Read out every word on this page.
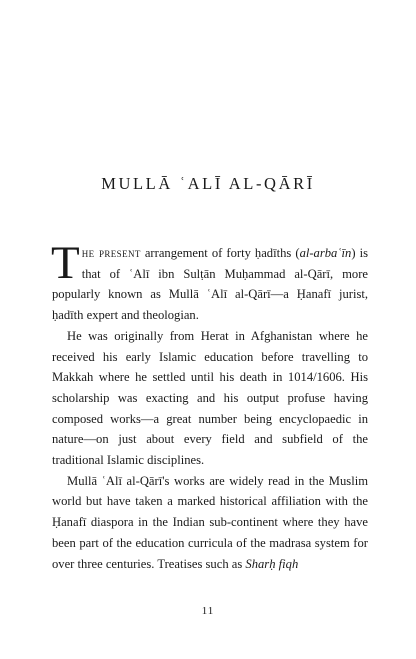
MULLĀ ʿALĪ AL-QĀRĪ

The present arrangement of forty ḥadīths (al-arbaʿīn) is that of ʿAlī ibn Sulṭān Muḥammad al-Qārī, more popularly known as Mullā ʿAlī al-Qārī—a Ḥanafī jurist, ḥadīth expert and theologian.

He was originally from Herat in Afghanistan where he received his early Islamic education before travelling to Makkah where he settled until his death in 1014/1606. His scholarship was exacting and his output profuse having composed works—a great number being encyclopaedic in nature—on just about every field and subfield of the traditional Islamic disciplines.

Mullā ʿAlī al-Qārī's works are widely read in the Muslim world but have taken a marked historical affiliation with the Ḥanafī diaspora in the Indian sub-continent where they have been part of the education curricula of the madrasa system for over three centuries. Treatises such as Sharḥ fiqh

11
